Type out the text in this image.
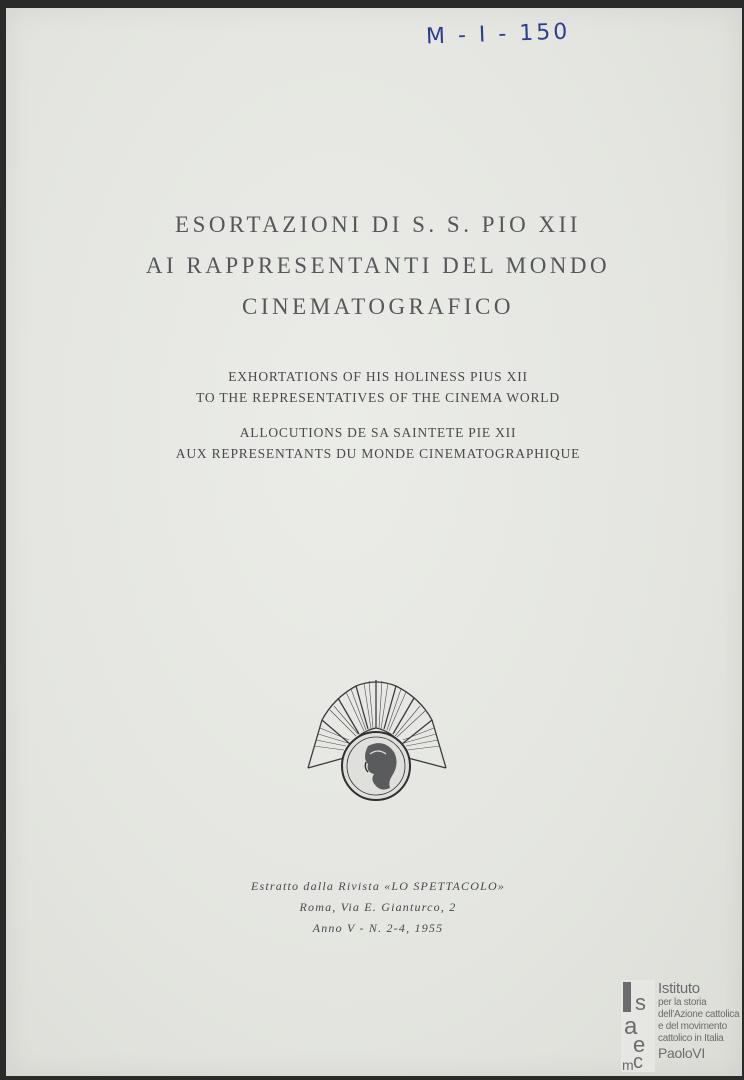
M - I - 150
ESORTAZIONI DI S. S. PIO XII
AI RAPPRESENTANTI DEL MONDO
CINEMATOGRAFICO
EXHORTATIONS OF HIS HOLINESS PIUS XII
TO THE REPRESENTATIVES OF THE CINEMA WORLD
ALLOCUTIONS DE SA SAINTETE PIE XII
AUX REPRESENTANTS DU MONDE CINEMATOGRAPHIQUE
Estratto dalla Rivista «LO SPETTACOLO»
Roma, Via E. Gianturco, 2
Anno V - N. 2-4, 1955
s
a
e
c
m
Istituto
per la storia
dell'Azione cattolica
e del movimento
cattolico in Italia
PaoloVI
